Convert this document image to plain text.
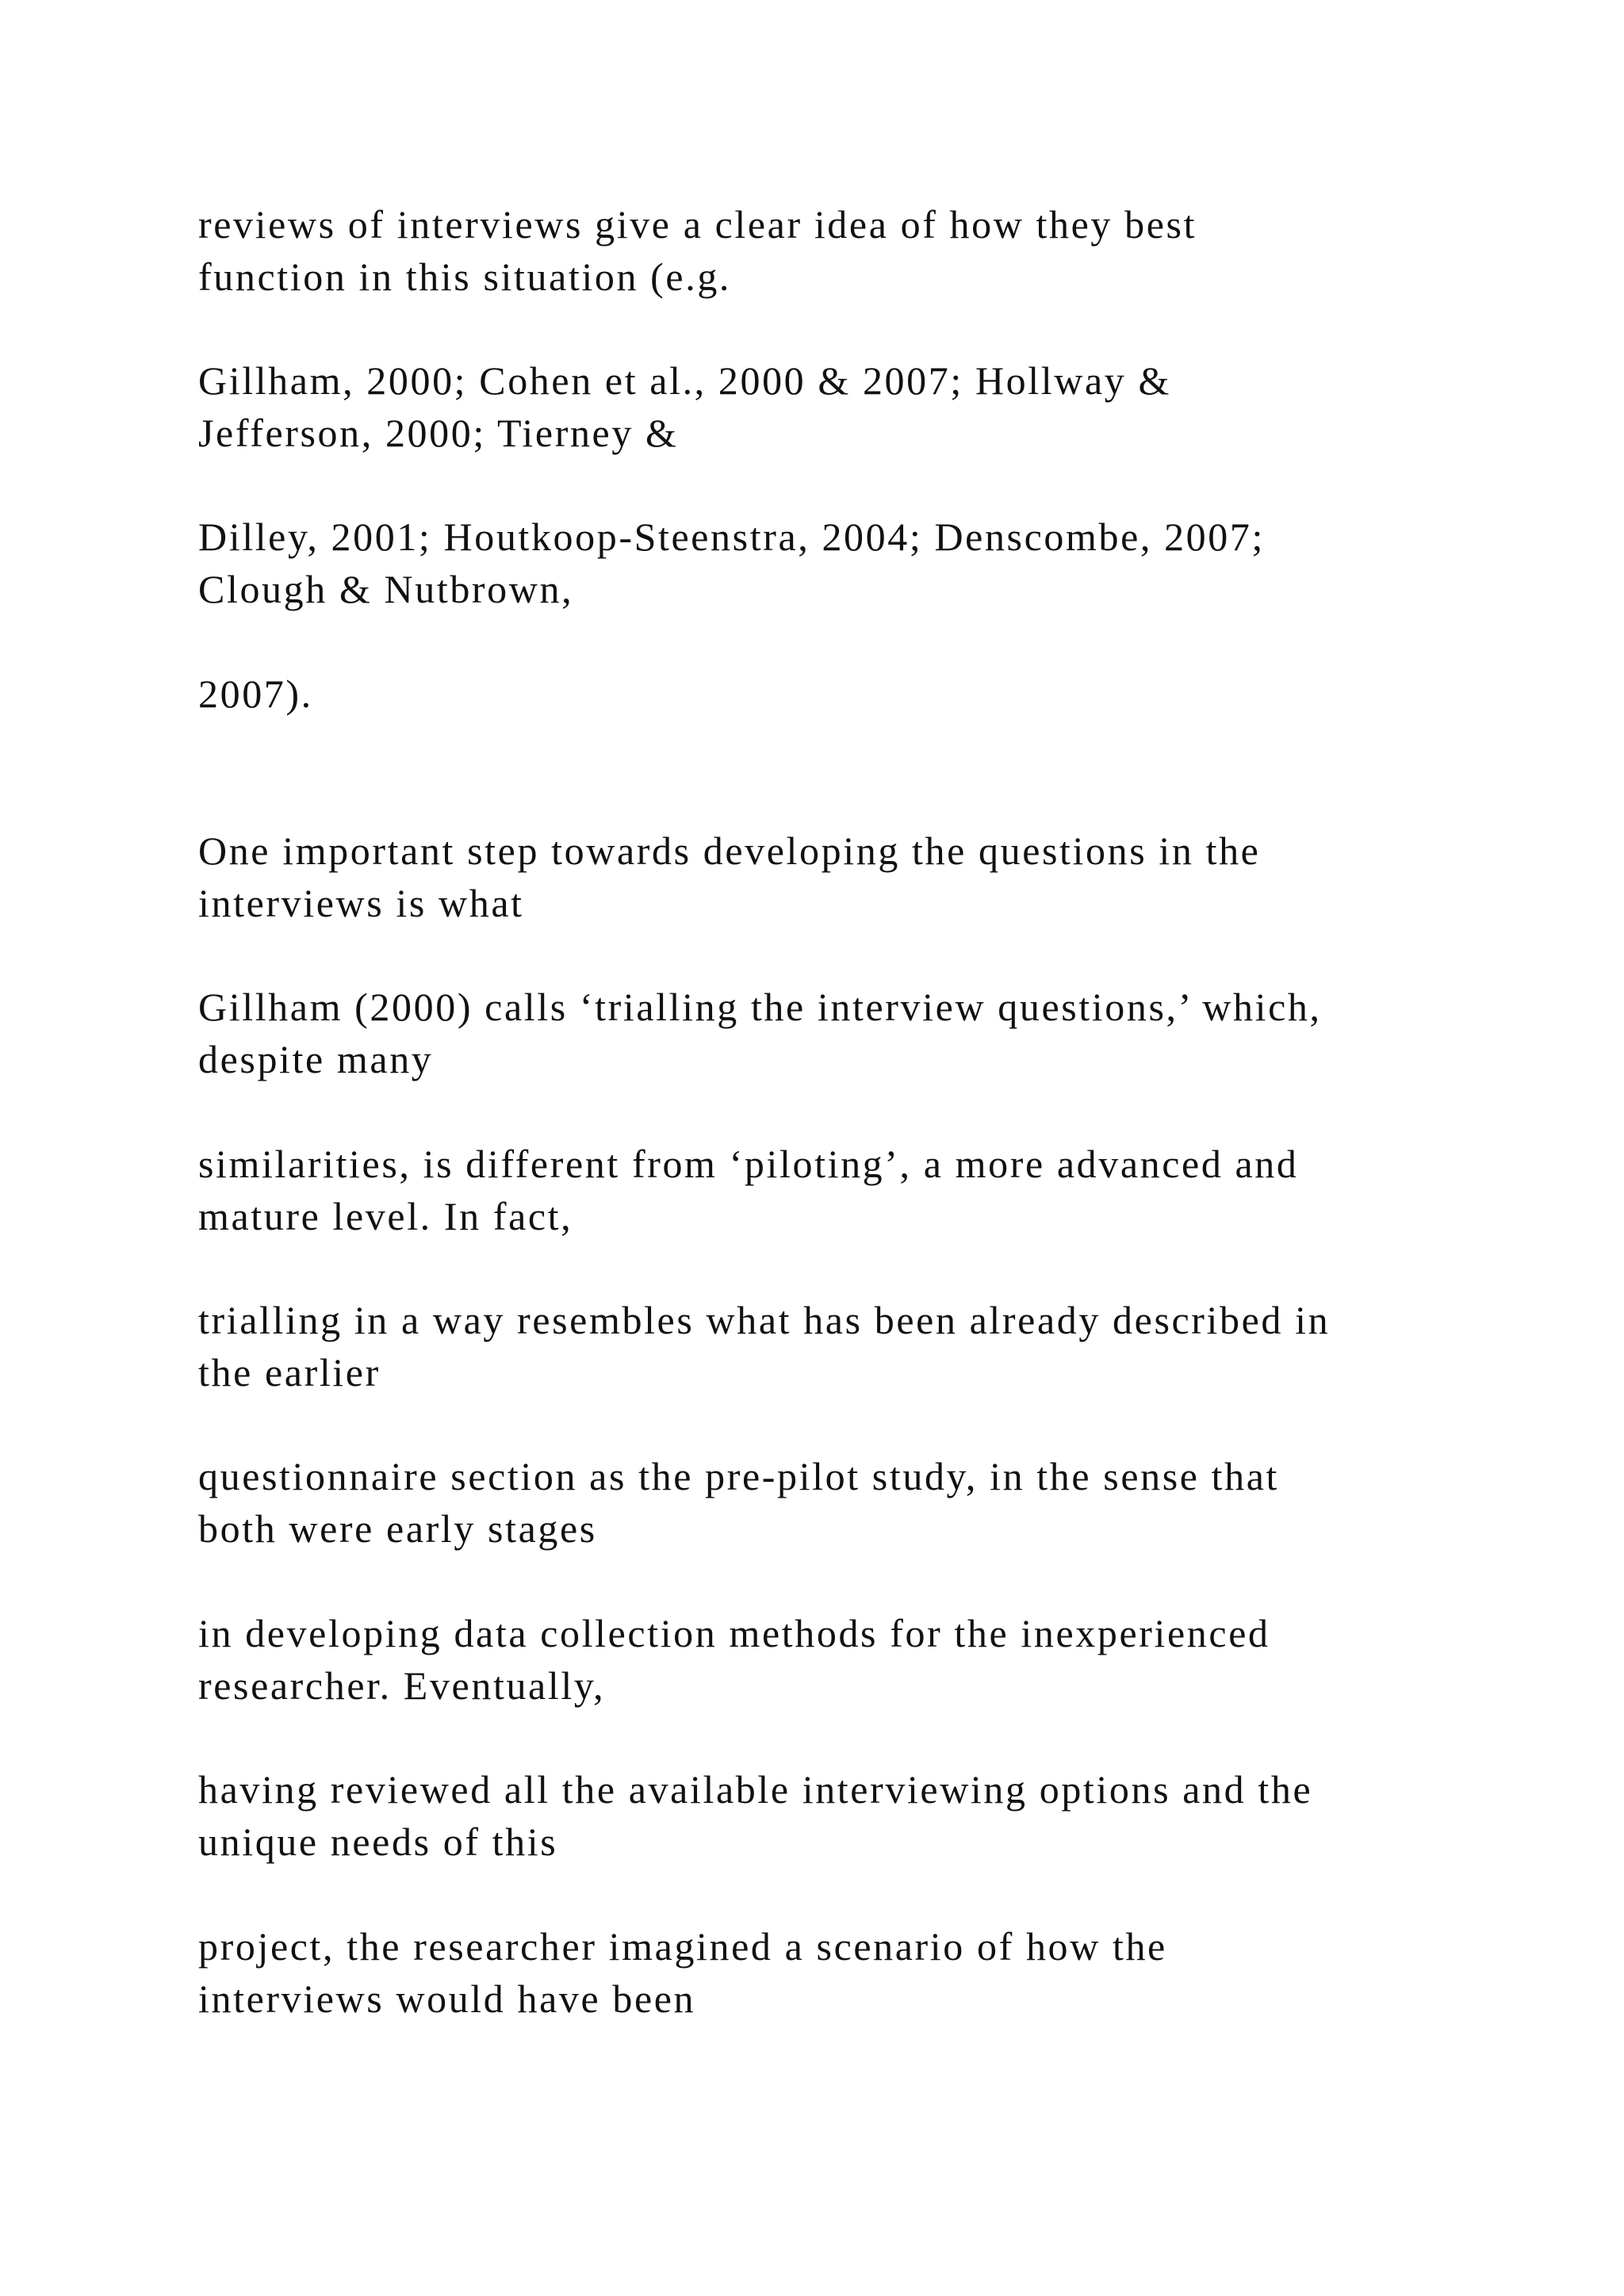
reviews of interviews give a clear idea of how they best

function in this situation (e.g.

Gillham, 2000; Cohen et al., 2000 & 2007; Hollway &

Jefferson, 2000; Tierney &

Dilley, 2001; Houtkoop-Steenstra, 2004; Denscombe, 2007;

Clough & Nutbrown,

2007).

One important step towards developing the questions in the

interviews is what

Gillham (2000) calls ‘trialling the interview questions,’ which,

despite many

similarities, is different from ‘piloting’, a more advanced and

mature level. In fact,

trialling in a way resembles what has been already described in

the earlier

questionnaire section as the pre-pilot study, in the sense that

both were early stages

in developing data collection methods for the inexperienced

researcher. Eventually,

having reviewed all the available interviewing options and the

unique needs of this

project, the researcher imagined a scenario of how the

interviews would have been
